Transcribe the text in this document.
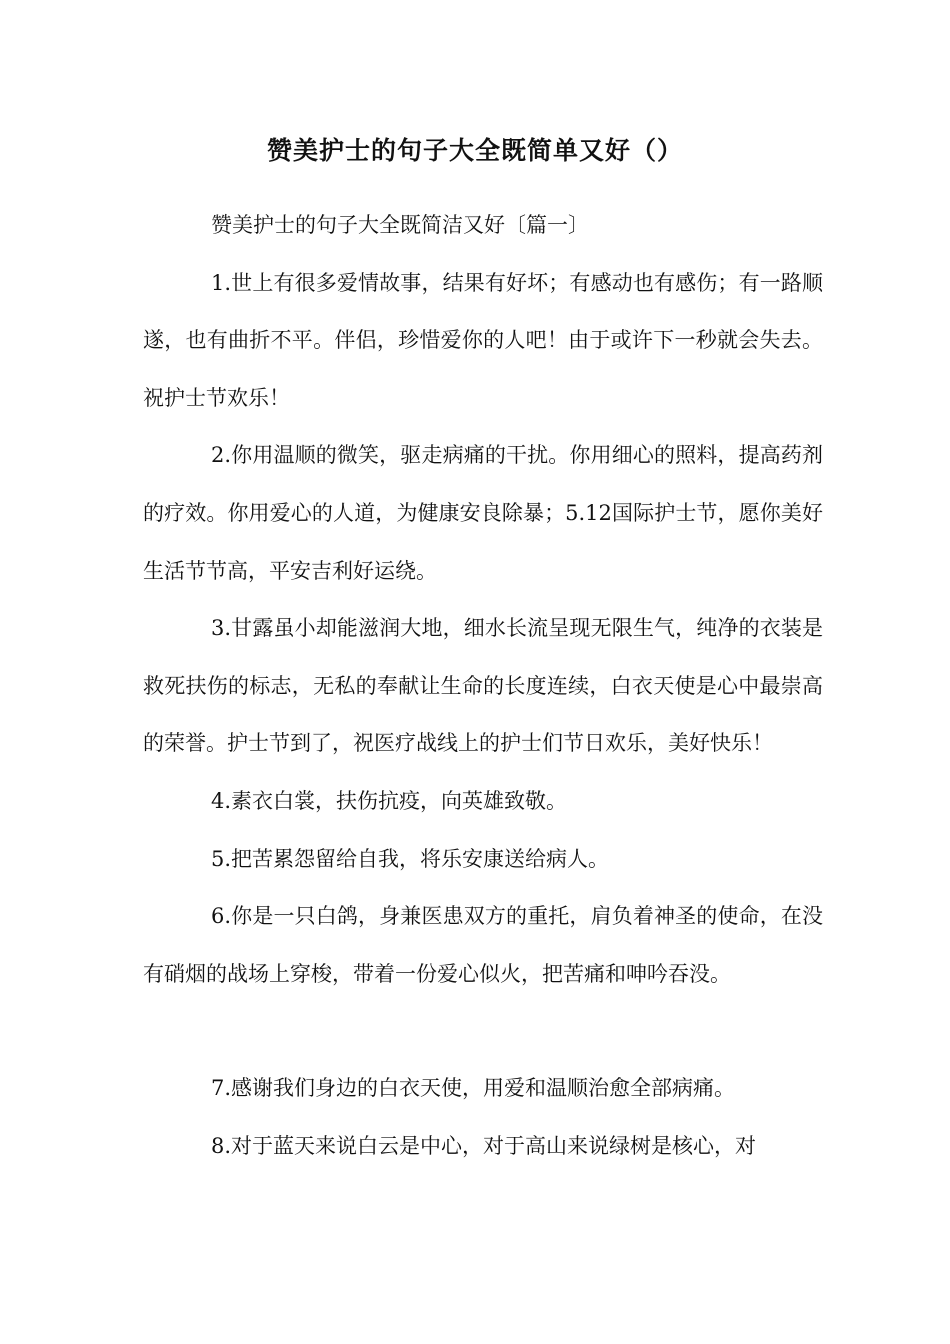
赞美护士的句子大全既简单又好（）

赞美护士的句子大全既简洁又好〔篇一〕

1.世上有很多爱情故事，结果有好坏；有感动也有感伤；有一路顺遂，也有曲折不平。伴侣，珍惜爱你的人吧！由于或许下一秒就会失去。祝护士节欢乐！

2.你用温顺的微笑，驱走病痛的干扰。你用细心的照料，提高药剂的疗效。你用爱心的人道，为健康安良除暴；5.12国际护士节，愿你美好生活节节高，平安吉利好运绕。

3.甘露虽小却能滋润大地，细水长流呈现无限生气，纯净的衣装是救死扶伤的标志，无私的奉献让生命的长度连续，白衣天使是心中最崇高的荣誉。护士节到了，祝医疗战线上的护士们节日欢乐，美好快乐！

4.素衣白裳，扶伤抗疫，向英雄致敬。

5.把苦累怨留给自我，将乐安康送给病人。

6.你是一只白鸽，身兼医患双方的重托，肩负着神圣的使命，在没有硝烟的战场上穿梭，带着一份爱心似火，把苦痛和呻吟吞没。

7.感谢我们身边的白衣天使，用爱和温顺治愈全部病痛。

8.对于蓝天来说白云是中心，对于高山来说绿树是核心，对
